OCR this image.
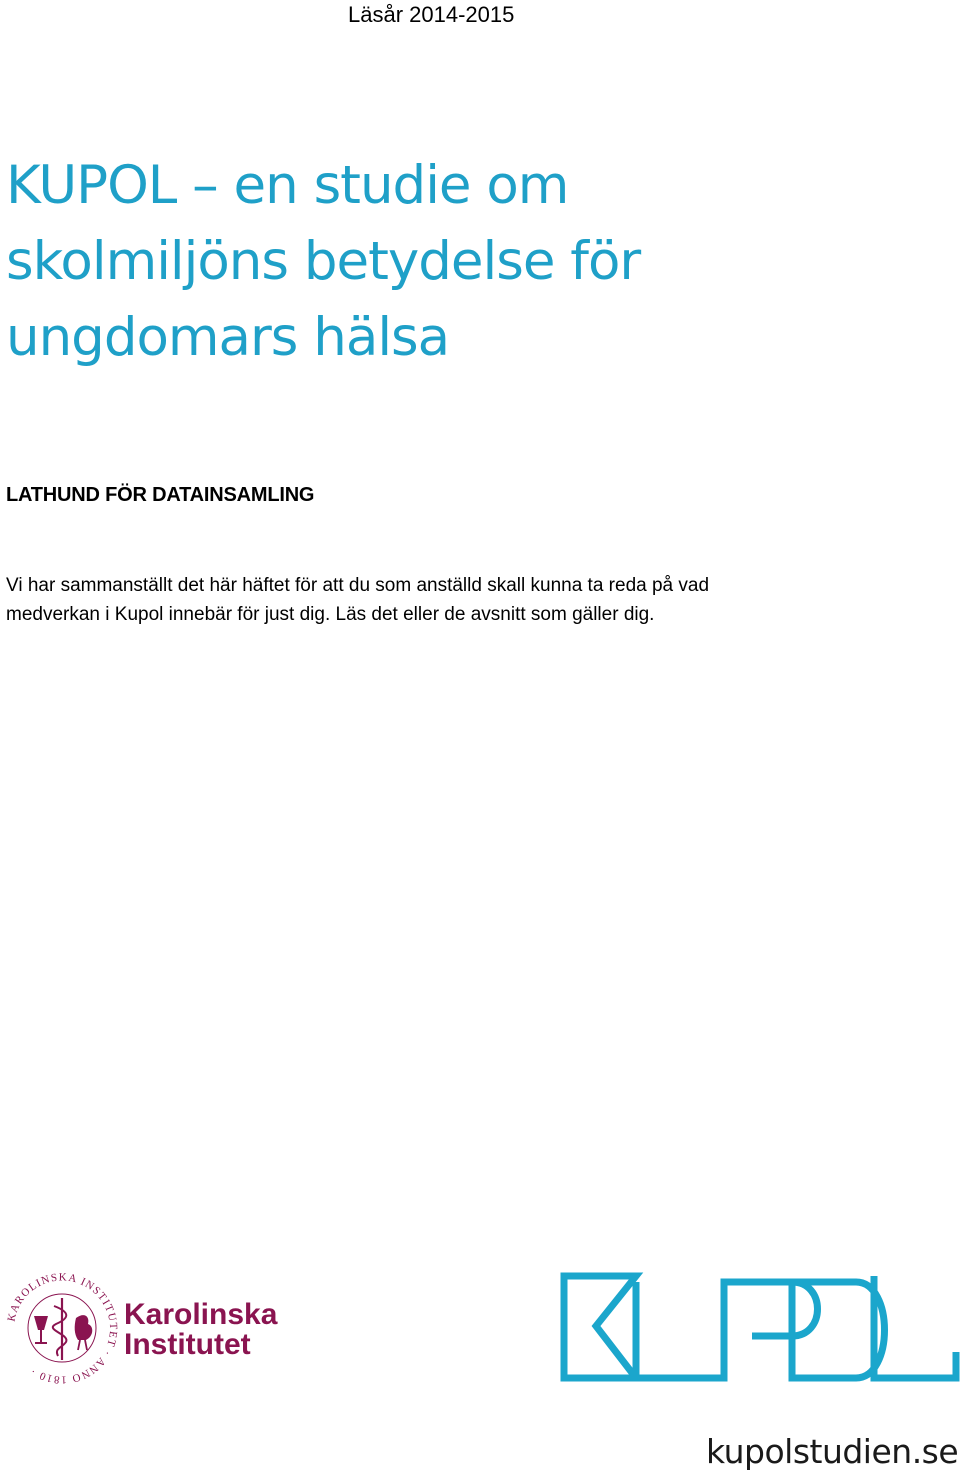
Läsår 2014-2015
KUPOL – en studie om
skolmiljöns betydelse för
ungdomars hälsa
LATHUND FÖR DATAINSAMLING

Vi har sammanställt det här häftet för att du som anställd skall kunna ta reda på vad
medverkan i Kupol innebär för just dig. Läs det eller de avsnitt som gäller dig.

KAROLINSKA INSTITUTET · ANNO 1810 ·
Karolinska
Institutet
kupolstudien.se
